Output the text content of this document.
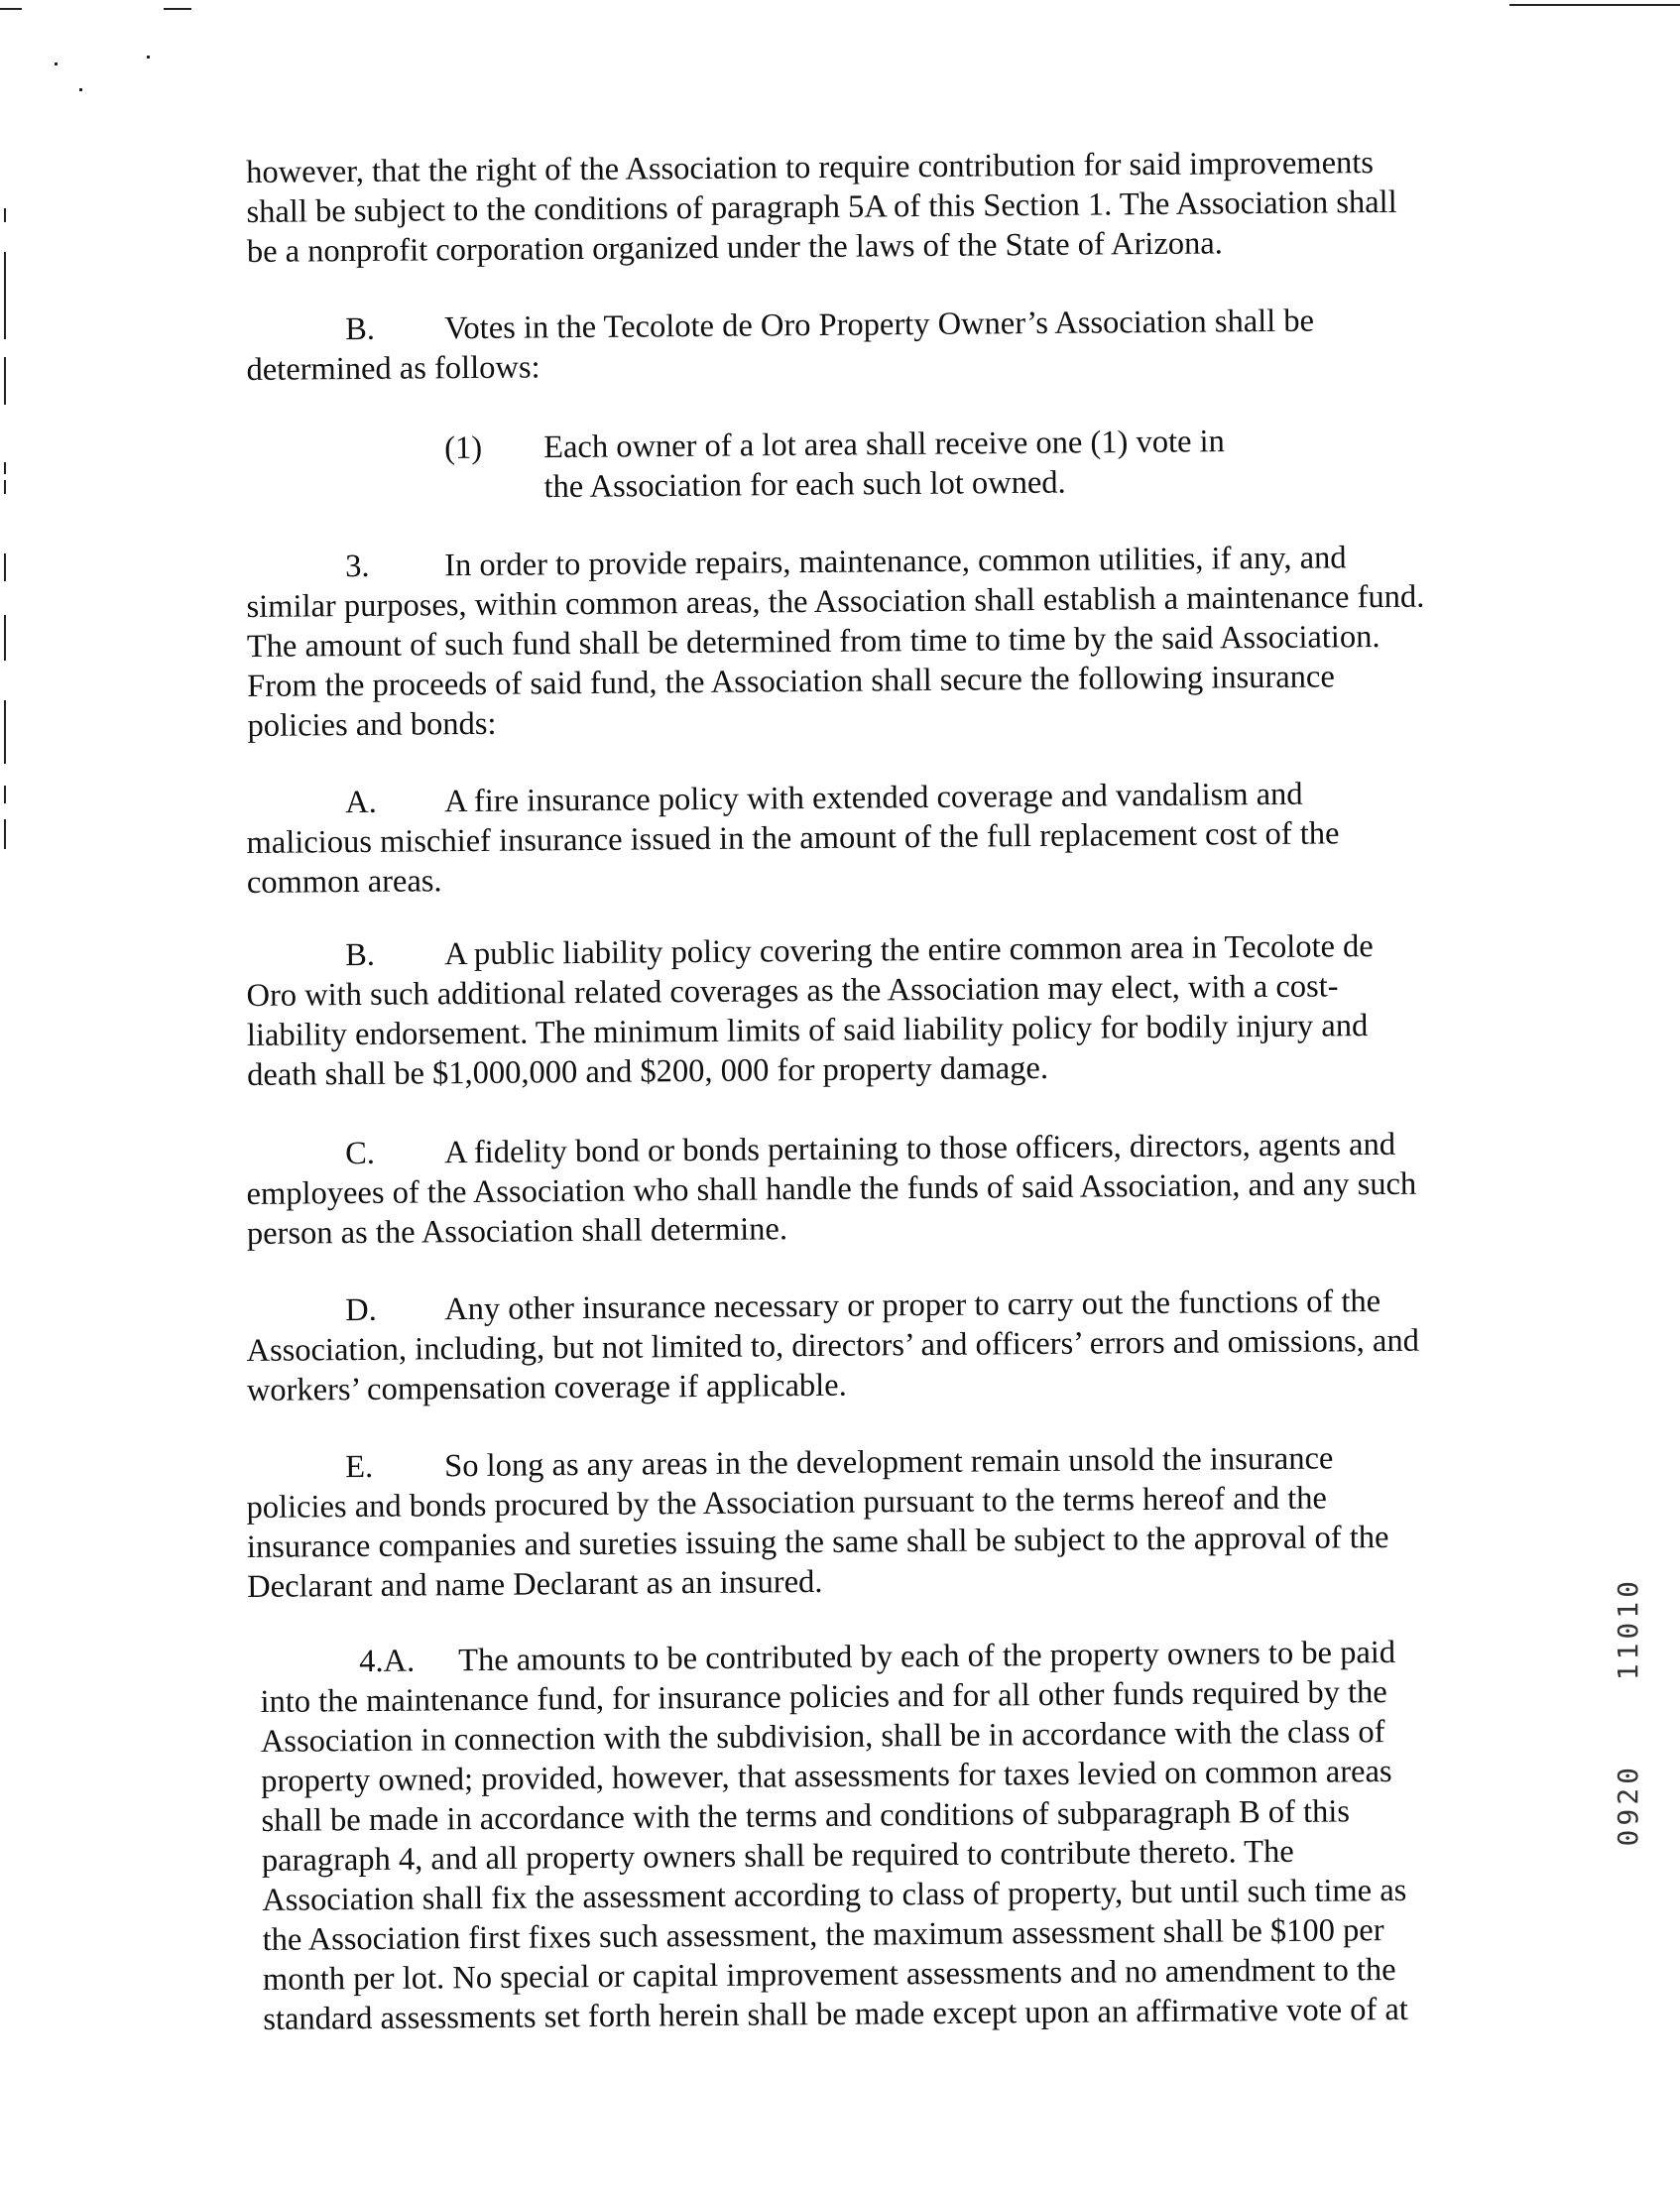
however, that the right of the Association to require contribution for said improvements shall be subject to the conditions of paragraph 5A of this Section 1. The Association shall be a nonprofit corporation organized under the laws of the State of Arizona.

B. Votes in the Tecolote de Oro Property Owner’s Association shall be determined as follows:

(1) Each owner of a lot area shall receive one (1) vote in the Association for each such lot owned.

3. In order to provide repairs, maintenance, common utilities, if any, and similar purposes, within common areas, the Association shall establish a maintenance fund. The amount of such fund shall be determined from time to time by the said Association. From the proceeds of said fund, the Association shall secure the following insurance policies and bonds:

A. A fire insurance policy with extended coverage and vandalism and malicious mischief insurance issued in the amount of the full replacement cost of the common areas.

B. A public liability policy covering the entire common area in Tecolote de Oro with such additional related coverages as the Association may elect, with a cost-liability endorsement. The minimum limits of said liability policy for bodily injury and death shall be $1,000,000 and $200, 000 for property damage.

C. A fidelity bond or bonds pertaining to those officers, directors, agents and employees of the Association who shall handle the funds of said Association, and any such person as the Association shall determine.

D. Any other insurance necessary or proper to carry out the functions of the Association, including, but not limited to, directors’ and officers’ errors and omissions, and workers’ compensation coverage if applicable.

E. So long as any areas in the development remain unsold the insurance policies and bonds procured by the Association pursuant to the terms hereof and the insurance companies and sureties issuing the same shall be subject to the approval of the Declarant and name Declarant as an insured.

4.A. The amounts to be contributed by each of the property owners to be paid into the maintenance fund, for insurance policies and for all other funds required by the Association in connection with the subdivision, shall be in accordance with the class of property owned; provided, however, that assessments for taxes levied on common areas shall be made in accordance with the terms and conditions of subparagraph B of this paragraph 4, and all property owners shall be required to contribute thereto. The Association shall fix the assessment according to class of property, but until such time as the Association first fixes such assessment, the maximum assessment shall be $100 per month per lot. No special or capital improvement assessments and no amendment to the standard assessments set forth herein shall be made except upon an affirmative vote of at

11010
0920
